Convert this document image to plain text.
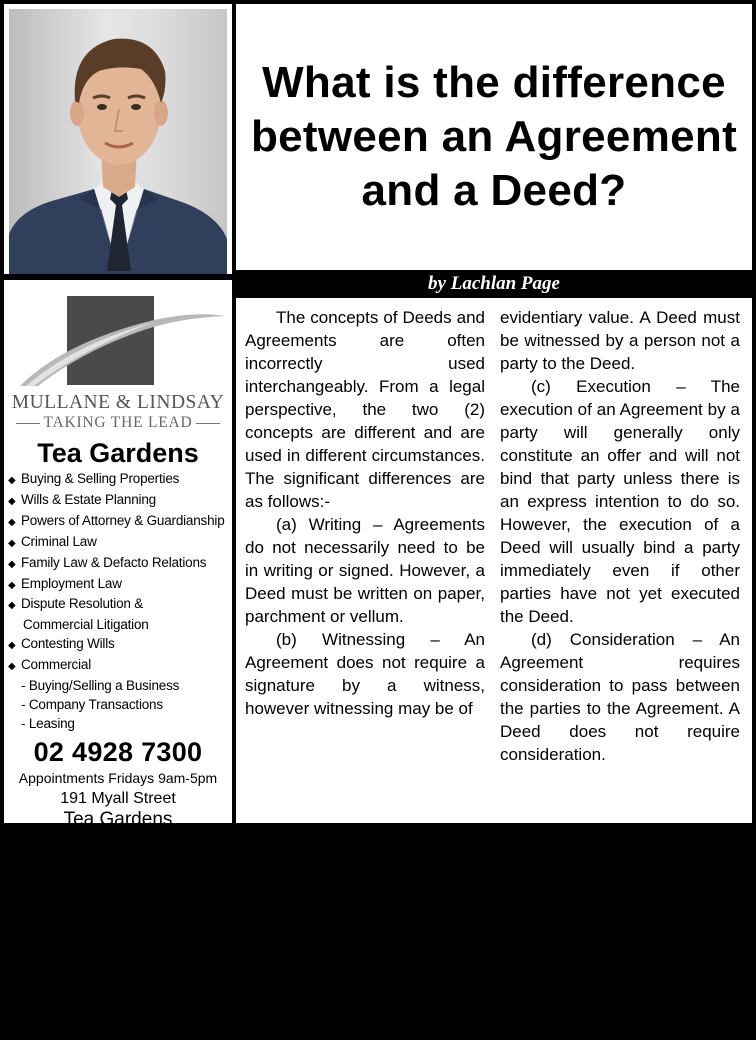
What is the difference between an Agreement and a Deed?
by Lachlan Page
MULLANE & LINDSAY
TAKING THE LEAD
Tea Gardens
◆ Buying & Selling Properties
◆ Wills & Estate Planning
◆ Powers of Attorney & Guardianship
◆ Criminal Law
◆ Family Law & Defacto Relations
◆ Employment Law
◆ Dispute Resolution &
Commercial Litigation
◆ Contesting Wills
◆ Commercial
- Buying/Selling a Business
- Company Transactions
- Leasing
02 4928 7300
Appointments Fridays 9am-5pm
191 Myall Street
Tea Gardens
www.mullanelindsay.com.au
NOTAGraphics - Ref: MULL 004719

The concepts of Deeds and Agreements are often incorrectly used interchangeably. From a legal perspective, the two (2) concepts are different and are used in different circumstances. The significant differences are as follows:-

(a) Writing – Agreements do not necessarily need to be in writing or signed. However, a Deed must be written on paper, parchment or vellum.

(b) Witnessing – An Agreement does not require a signature by a witness, however witnessing may be of

evidentiary value. A Deed must be witnessed by a person not a party to the Deed.

(c) Execution – The execution of an Agreement by a party will generally only constitute an offer and will not bind that party unless there is an express intention to do so. However, the execution of a Deed will usually bind a party immediately even if other parties have not yet executed the Deed.

(d) Consideration – An Agreement requires consideration to pass between the parties to the Agreement. A Deed does not require consideration.
